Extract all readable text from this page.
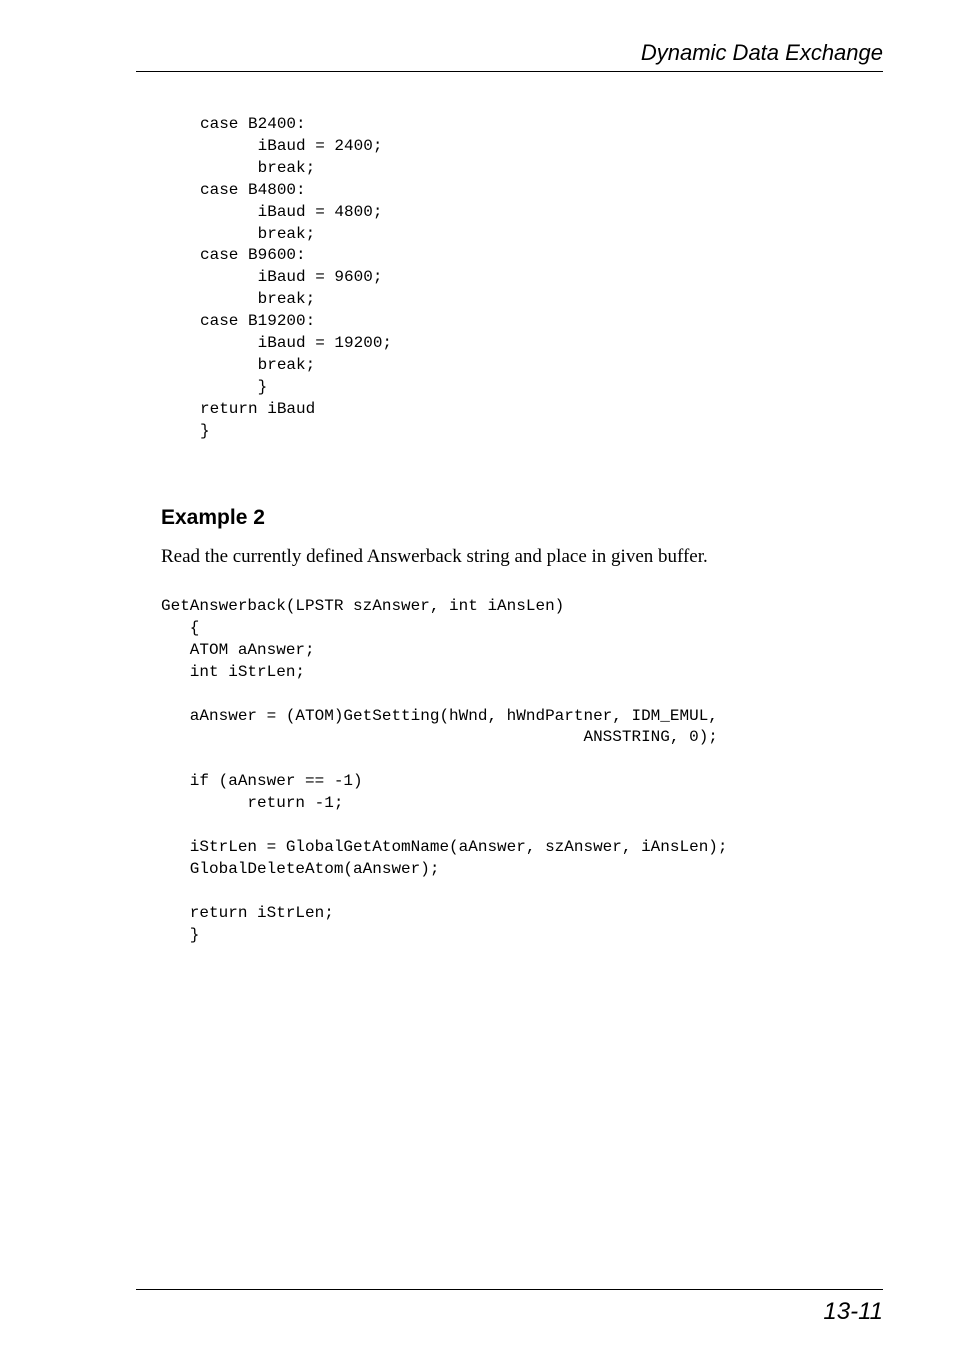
Dynamic Data Exchange
case B2400:
iBaud = 2400;
break;
case B4800:
iBaud = 4800;
break;
case B9600:
iBaud = 9600;
break;
case B19200:
iBaud = 19200;
break;
}
return iBaud
}
Example 2

Read the currently defined Answerback string and place in given buffer.

GetAnswerback(LPSTR szAnswer, int iAnsLen)
{
ATOM aAnswer;
int iStrLen;

aAnswer = (ATOM)GetSetting(hWnd, hWndPartner, IDM_EMUL,
ANSSTRING, 0);

if (aAnswer == -1)
return -1;

iStrLen = GlobalGetAtomName(aAnswer, szAnswer, iAnsLen);
GlobalDeleteAtom(aAnswer);

return iStrLen;
}
13-11
